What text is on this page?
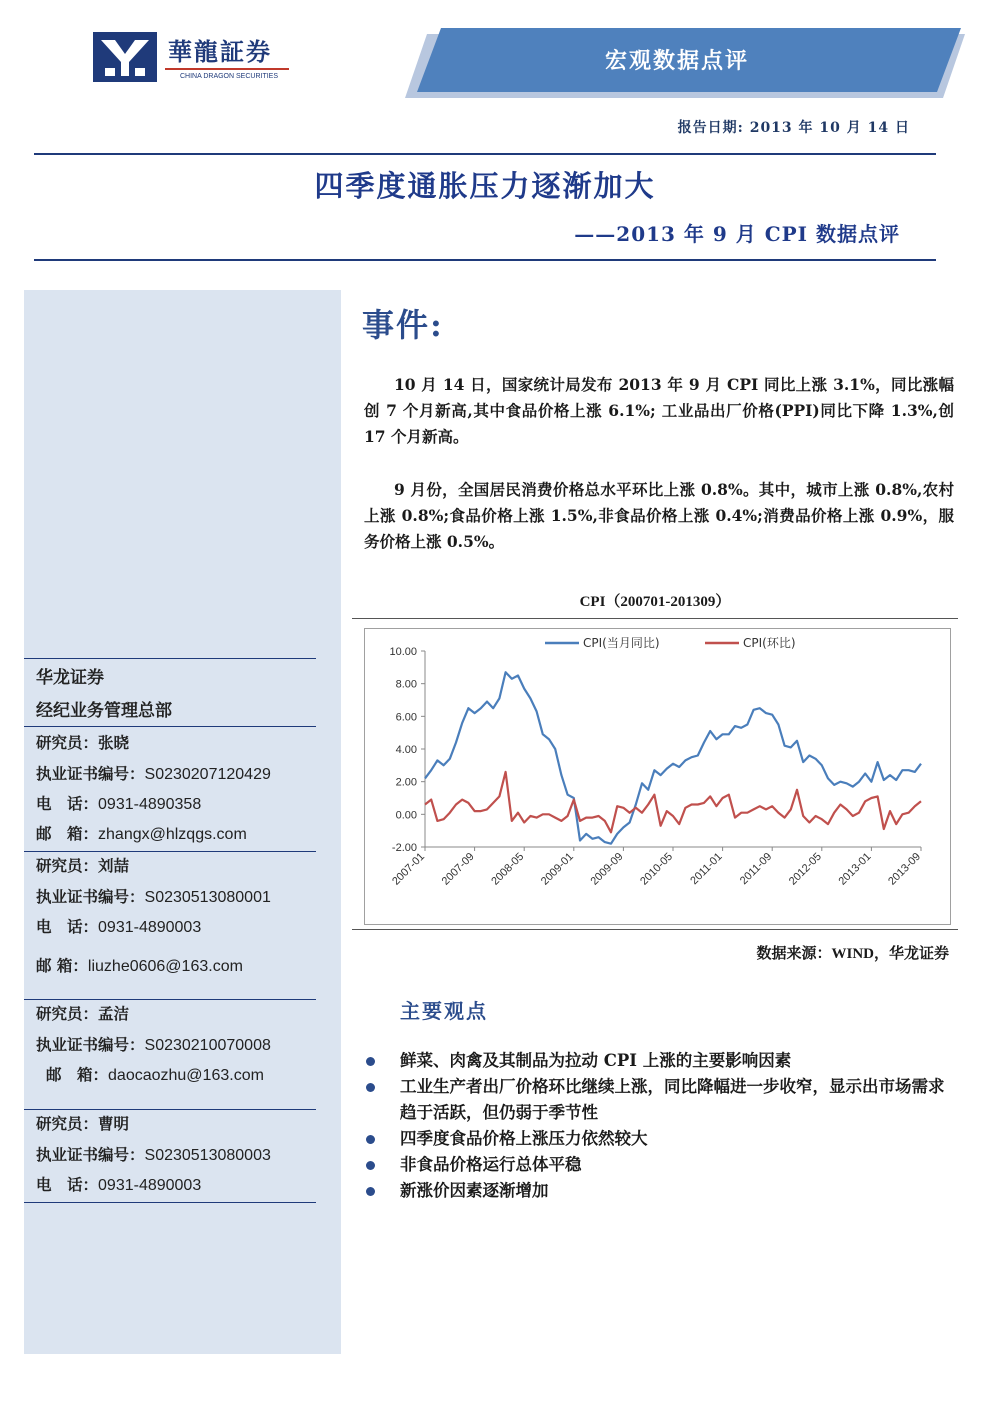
華龍証券
CHINA DRAGON SECURITIES
宏观数据点评
报告日期: 2013 年 10 月 14 日
四季度通胀压力逐渐加大
——2013 年 9 月 CPI 数据点评
华龙证券
经纪业务管理总部
研究员：张晓
执业证书编号：S0230207120429
电　话：0931-4890358
邮　箱：zhangx@hlzqgs.com
研究员：刘喆
执业证书编号：S0230513080001
电　话：0931-4890003
邮 箱：liuzhe0606@163.com
研究员：孟洁
执业证书编号：S0230210070008
邮　箱：daocaozhu@163.com
研究员：曹明
执业证书编号：S0230513080003
电　话：0931-4890003
事件:
10 月 14 日，国家统计局发布 2013 年 9 月 CPI 同比上涨 3.1%，同比涨幅创 7 个月新高,其中食品价格上涨 6.1%; 工业品出厂价格(PPI)同比下降 1.3%,创 17 个月新高。
9 月份，全国居民消费价格总水平环比上涨 0.8%。其中，城市上涨 0.8%,农村上涨 0.8%;食品价格上涨 1.5%,非食品价格上涨 0.4%;消费品价格上涨 0.9%，服务价格上涨 0.5%。
CPI（200701-201309）
10.00
8.00
6.00
4.00
2.00
0.00
-2.00
2007-01 2007-09 2008-05 2009-01 2009-09 2010-05 2011-01 2011-09 2012-05 2013-01 2013-09
CPI(当月同比)	CPI(环比)
数据来源：WIND，华龙证券
主要观点
鲜菜、肉禽及其制品为拉动 CPI 上涨的主要影响因素
工业生产者出厂价格环比继续上涨，同比降幅进一步收窄，显示出市场需求趋于活跃，但仍弱于季节性
四季度食品价格上涨压力依然较大
非食品价格运行总体平稳
新涨价因素逐渐增加
